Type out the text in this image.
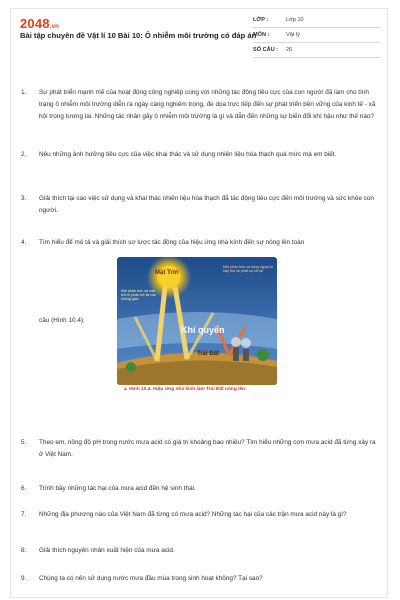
2048.vn
Bài tập chuyên đề Vật lí 10 Bài 10: Ô nhiễm môi trường có đáp án
LỚP :	Lớp 10
MÔN :	Vật lý
SỐ CÂU :	26
1. Sự phát triển mạnh mẽ của hoạt động công nghiệp cùng với những tác động tiêu cực của con người đã làm cho tình trạng ô nhiễm môi trường diễn ra ngày càng nghiêm trọng, đe dọa trực tiếp đến sự phát triển bền vững của kinh tế - xã hội trong tương lai. Những tác nhân gây ô nhiễm môi trường là gì và dẫn đến những sự biến đổi khí hậu như thế nào?
2. Nêu những ảnh hưởng tiêu cực của việc khai thác và sử dụng nhiên liệu hóa thạch quá mức mà em biết.
3. Giải thích tại sao việc sử dụng và khai thác nhiên liệu hóa thạch đã tác động tiêu cực đến môi trường và sức khỏe con người.
4. Tìm hiểu để mô tả và giải thích sơ lược tác động của hiệu ứng nhà kính đến sự nóng lên toàn
cầu (Hình 10.4).
Mặt Trời
Khí quyển
Trái Đất
Một phần bức xạ mặt trời bị phản trở lại vào không gian
Một phần bức xạ hồng ngoại bị hấp thụ và phát xạ trở lại
▲ Hình 10.4. Hiệu ứng nhà kính làm Trái Đất nóng lên
5. Theo em, nồng độ pH trong nước mưa acid có giá trị khoảng bao nhiêu? Tìm hiểu những cơn mưa acid đã từng xảy ra ở Việt Nam.
6. Trình bày những tác hại của mưa acid đến hệ sinh thái.
7. Những địa phương nào của Việt Nam đã từng có mưa acid? Những tác hại của các trận mưa acid này là gì?
8. Giải thích nguyên nhân xuất hiện của mưa acid.
9. Chúng ta có nên sử dụng nước mưa đầu mùa trong sinh hoạt không? Tại sao?
